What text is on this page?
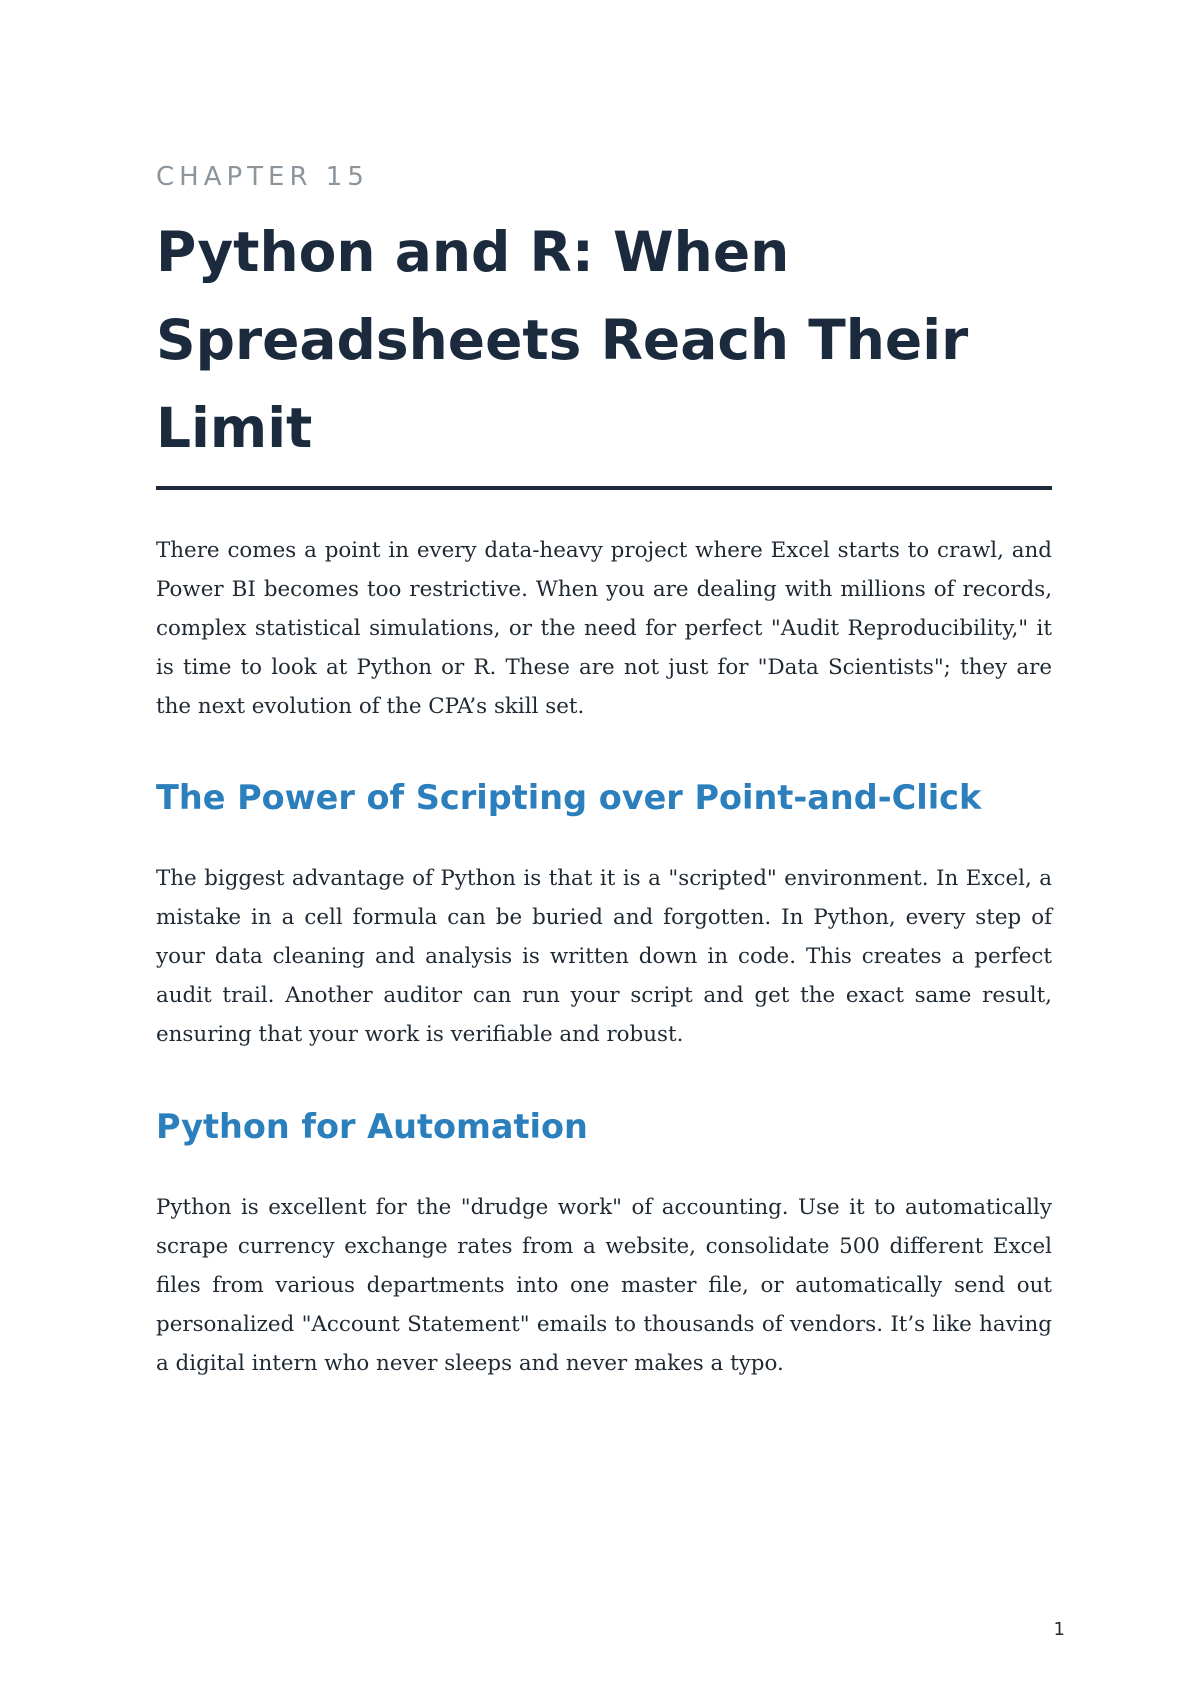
CHAPTER 15

Python and R: When Spreadsheets Reach Their Limit

There comes a point in every data-heavy project where Excel starts to crawl, and Power BI becomes too restrictive. When you are dealing with millions of records, complex statistical simulations, or the need for perfect "Audit Reproducibility," it is time to look at Python or R. These are not just for "Data Scientists"; they are the next evolution of the CPA’s skill set.

The Power of Scripting over Point-and-Click

The biggest advantage of Python is that it is a "scripted" environment. In Excel, a mistake in a cell formula can be buried and forgotten. In Python, every step of your data cleaning and analysis is written down in code. This creates a perfect audit trail. Another auditor can run your script and get the exact same result, ensuring that your work is verifiable and robust.

Python for Automation

Python is excellent for the "drudge work" of accounting. Use it to automatically scrape currency exchange rates from a website, consolidate 500 different Excel files from various departments into one master file, or automatically send out personalized "Account Statement" emails to thousands of vendors. It’s like having a digital intern who never sleeps and never makes a typo.

1
